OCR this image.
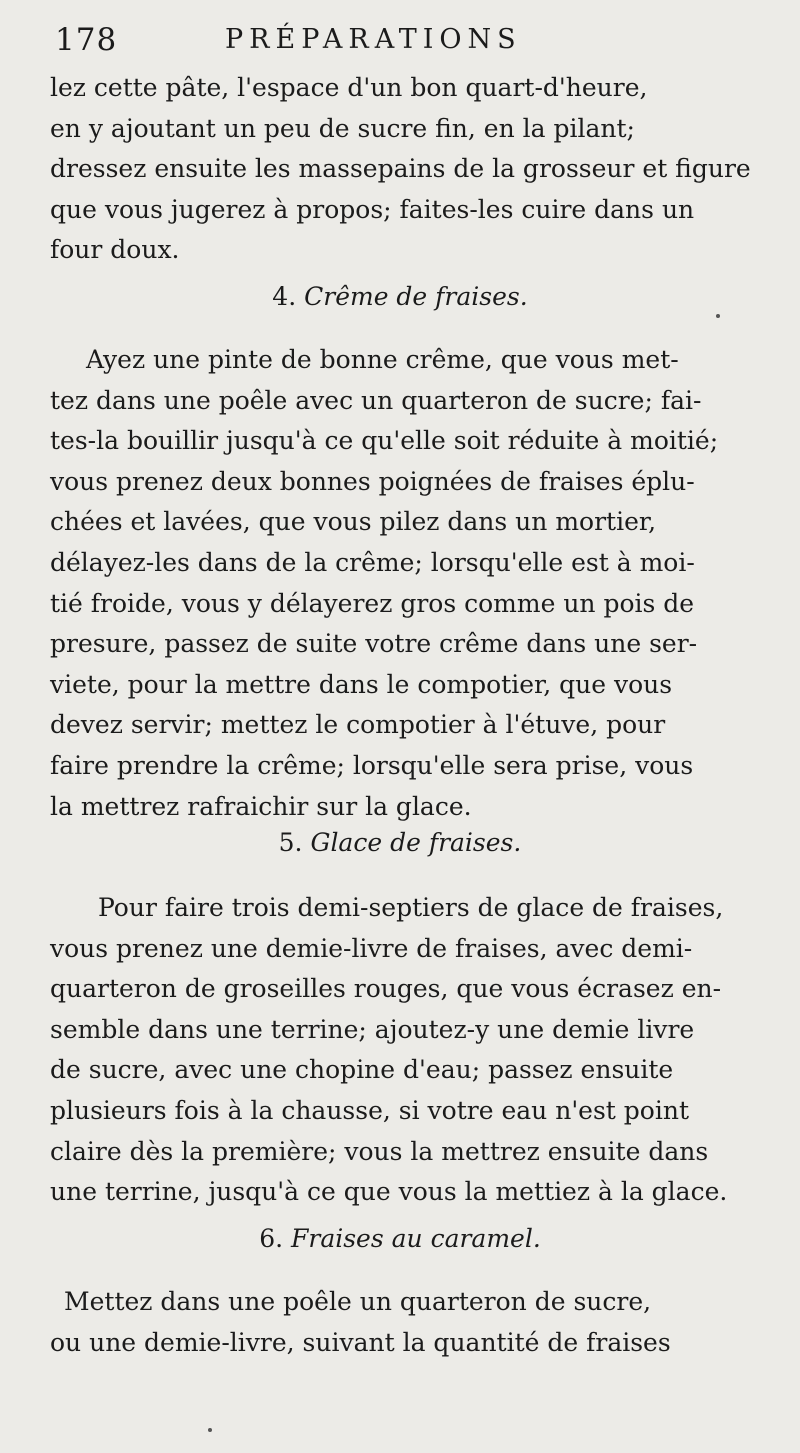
178	PRÉPARATIONS
lez cette pâte, l'espace d'un bon quart-d'heure,
en y ajoutant un peu de sucre fin, en la pilant;
dressez ensuite les massepains de la grosseur et figure
que vous jugerez à propos; faites-les cuire dans un
four doux.
4. Crême de fraises.
Ayez une pinte de bonne crême, que vous met-
tez dans une poêle avec un quarteron de sucre; fai-
tes-la bouillir jusqu'à ce qu'elle soit réduite à moitié;
vous prenez deux bonnes poignées de fraises éplu-
chées et lavées, que vous pilez dans un mortier,
délayez-les dans de la crême; lorsqu'elle est à moi-
tié froide, vous y délayerez gros comme un pois de
presure, passez de suite votre crême dans une ser-
viete, pour la mettre dans le compotier, que vous
devez servir; mettez le compotier à l'étuve, pour
faire prendre la crême; lorsqu'elle sera prise, vous
la mettrez rafraichir sur la glace.
5. Glace de fraises.
Pour faire trois demi-septiers de glace de fraises,
vous prenez une demie-livre de fraises, avec demi-
quarteron de groseilles rouges, que vous écrasez en-
semble dans une terrine; ajoutez-y une demie livre
de sucre, avec une chopine d'eau; passez ensuite
plusieurs fois à la chausse, si votre eau n'est point
claire dès la première; vous la mettrez ensuite dans
une terrine, jusqu'à ce que vous la mettiez à la glace.
6. Fraises au caramel.
Mettez dans une poêle un quarteron de sucre,
ou une demie-livre, suivant la quantité de fraises
